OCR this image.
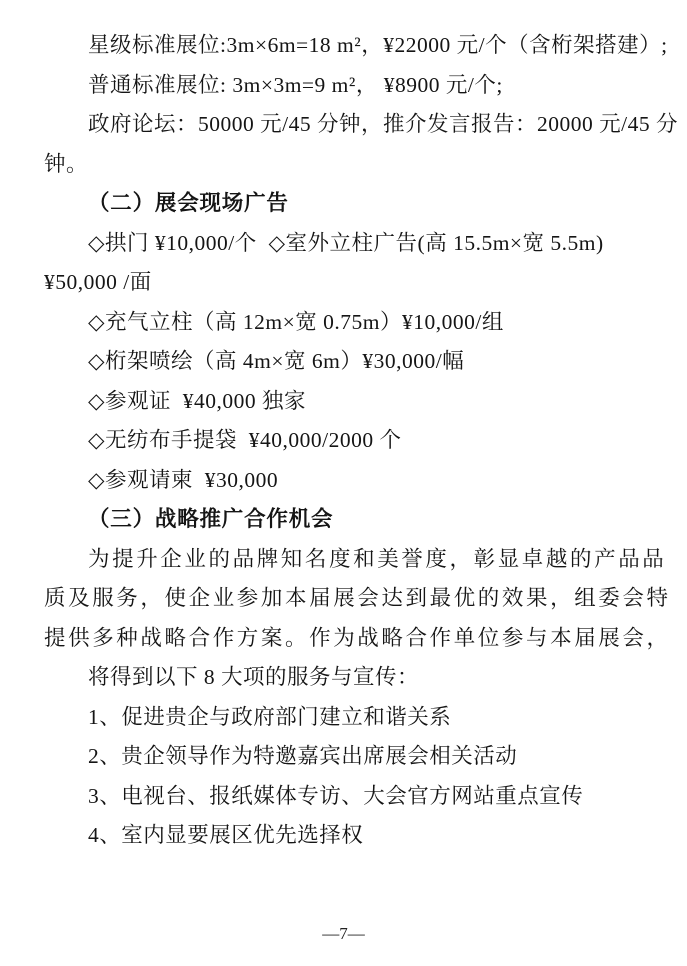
星级标准展位:3m×6m=18 m²，¥22000 元/个（含桁架搭建）;
普通标准展位: 3m×3m=9 m²， ¥8900 元/个;
政府论坛：50000 元/45 分钟，推介发言报告：20000 元/45 分
钟。
（二）展会现场广告
◇拱门 ¥10,000/个  ◇室外立柱广告(高 15.5m×宽 5.5m)
¥50,000 /面
◇充气立柱（高 12m×宽 0.75m）¥10,000/组
◇桁架喷绘（高 4m×宽 6m）¥30,000/幅
◇参观证  ¥40,000 独家
◇无纺布手提袋  ¥40,000/2000 个
◇参观请柬  ¥30,000
（三）战略推广合作机会
为提升企业的品牌知名度和美誉度，彰显卓越的产品品
质及服务，使企业参加本届展会达到最优的效果，组委会特
提供多种战略合作方案。作为战略合作单位参与本届展会，
将得到以下 8 大项的服务与宣传：
1、促进贵企与政府部门建立和谐关系
2、贵企领导作为特邀嘉宾出席展会相关活动
3、电视台、报纸媒体专访、大会官方网站重点宣传
4、室内显要展区优先选择权
—7—
